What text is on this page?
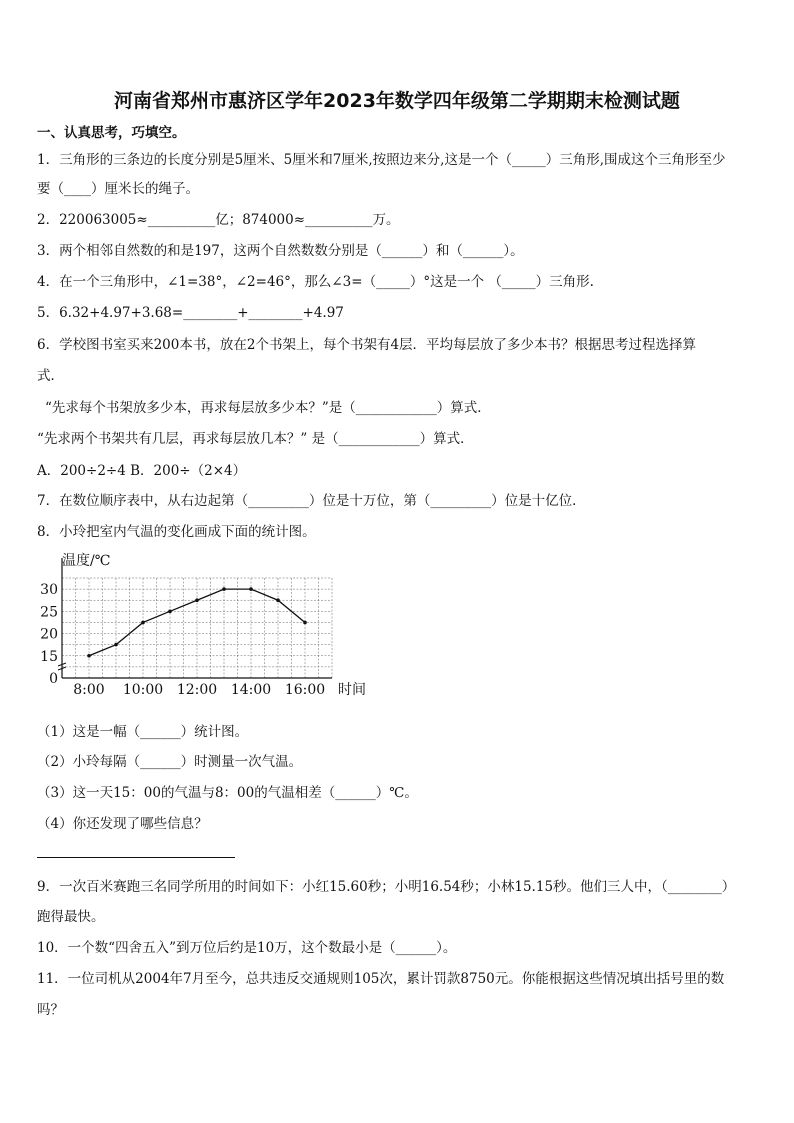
河南省郑州市惠济区学年2023年数学四年级第二学期期末检测试题
一、认真思考，巧填空。
1．三角形的三条边的长度分别是5厘米、5厘米和7厘米,按照边来分,这是一个（_____）三角形,围成这个三角形至少
要（____）厘米长的绳子。
2．220063005≈__________亿；874000≈__________万。
3．两个相邻自然数的和是197，这两个自然数数分别是（______）和（______）。
4．在一个三角形中，∠1=38°，∠2=46°，那么∠3=（_____）°这是一个 （_____）三角形.
5．6.32+4.97+3.68=________+________+4.97
6．学校图书室买来200本书，放在2个书架上，每个书架有4层．平均每层放了多少本书？根据思考过程选择算
式．
“先求每个书架放多少本，再求每层放多少本？”是（____________）算式．
“先求两个书架共有几层，再求每层放几本？” 是（____________）算式．
A．200÷2÷4 B．200÷（2×4）
7．在数位顺序表中，从右边起第（_________）位是十万位，第（_________）位是十亿位．
8．小玲把室内气温的变化画成下面的统计图。
温度/℃
时间
30
25
20
15
0
8:00 10:00 12:00 14:00 16:00
（1）这是一幅（______）统计图。
（2）小玲每隔（______）时测量一次气温。
（3）这一天15：00的气温与8：00的气温相差（______）℃。
（4）你还发现了哪些信息？
9．一次百米赛跑三名同学所用的时间如下：小红15.60秒；小明16.54秒；小林15.15秒。他们三人中，（________）
跑得最快。
10．一个数“四舍五入”到万位后约是10万，这个数最小是（______）。
11．一位司机从2004年7月至今，总共违反交通规则105次，累计罚款8750元。你能根据这些情况填出括号里的数
吗？
